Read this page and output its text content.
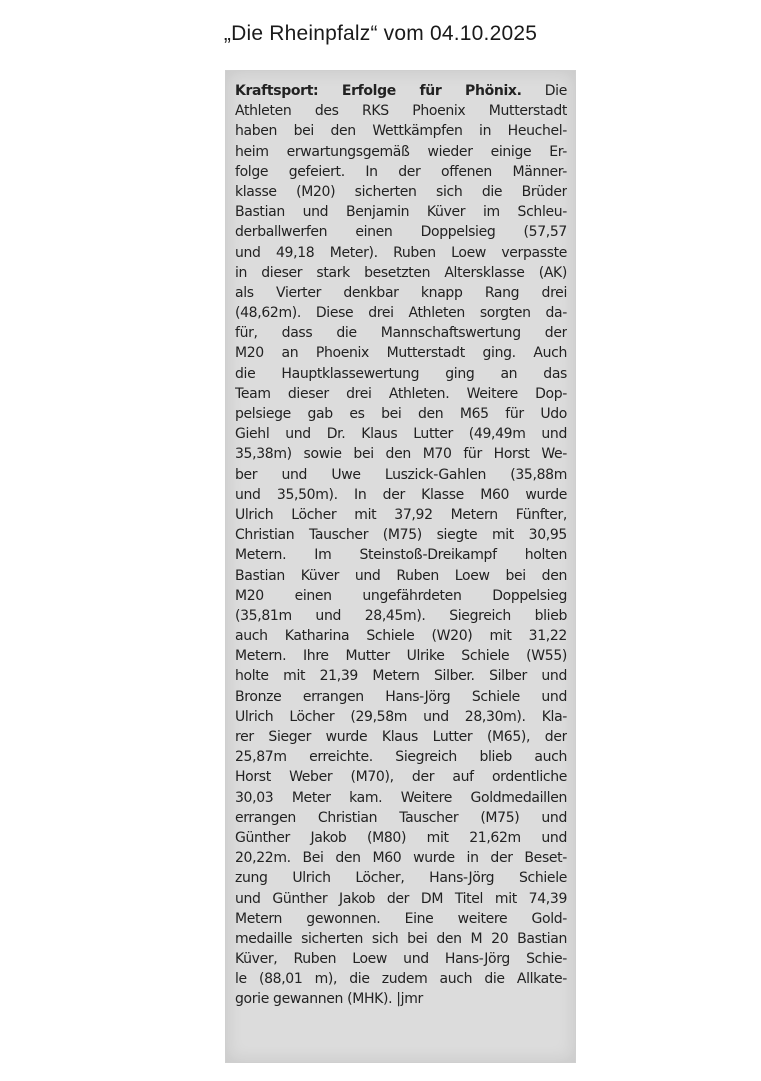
„Die Rheinpfalz“ vom 04.10.2025
Kraftsport: Erfolge für Phönix. Die
Athleten des RKS Phoenix Mutterstadt
haben bei den Wettkämpfen in Heuchel-
heim erwartungsgemäß wieder einige Er-
folge gefeiert. In der offenen Männer-
klasse (M20) sicherten sich die Brüder
Bastian und Benjamin Küver im Schleu-
derballwerfen einen Doppelsieg (57,57
und 49,18 Meter). Ruben Loew verpasste
in dieser stark besetzten Altersklasse (AK)
als Vierter denkbar knapp Rang drei
(48,62m). Diese drei Athleten sorgten da-
für, dass die Mannschaftswertung der
M20 an Phoenix Mutterstadt ging. Auch
die Hauptklassewertung ging an das
Team dieser drei Athleten. Weitere Dop-
pelsiege gab es bei den M65 für Udo
Giehl und Dr. Klaus Lutter (49,49m und
35,38m) sowie bei den M70 für Horst We-
ber und Uwe Luszick-Gahlen (35,88m
und 35,50m). In der Klasse M60 wurde
Ulrich Löcher mit 37,92 Metern Fünfter,
Christian Tauscher (M75) siegte mit 30,95
Metern. Im Steinstoß-Dreikampf holten
Bastian Küver und Ruben Loew bei den
M20 einen ungefährdeten Doppelsieg
(35,81m und 28,45m). Siegreich blieb
auch Katharina Schiele (W20) mit 31,22
Metern. Ihre Mutter Ulrike Schiele (W55)
holte mit 21,39 Metern Silber. Silber und
Bronze errangen Hans-Jörg Schiele und
Ulrich Löcher (29,58m und 28,30m). Kla-
rer Sieger wurde Klaus Lutter (M65), der
25,87m erreichte. Siegreich blieb auch
Horst Weber (M70), der auf ordentliche
30,03 Meter kam. Weitere Goldmedaillen
errangen Christian Tauscher (M75) und
Günther Jakob (M80) mit 21,62m und
20,22m. Bei den M60 wurde in der Beset-
zung Ulrich Löcher, Hans-Jörg Schiele
und Günther Jakob der DM Titel mit 74,39
Metern gewonnen. Eine weitere Gold-
medaille sicherten sich bei den M 20 Bastian
Küver, Ruben Loew und Hans-Jörg Schie-
le (88,01 m), die zudem auch die Allkate-
gorie gewannen (MHK). |jmr
